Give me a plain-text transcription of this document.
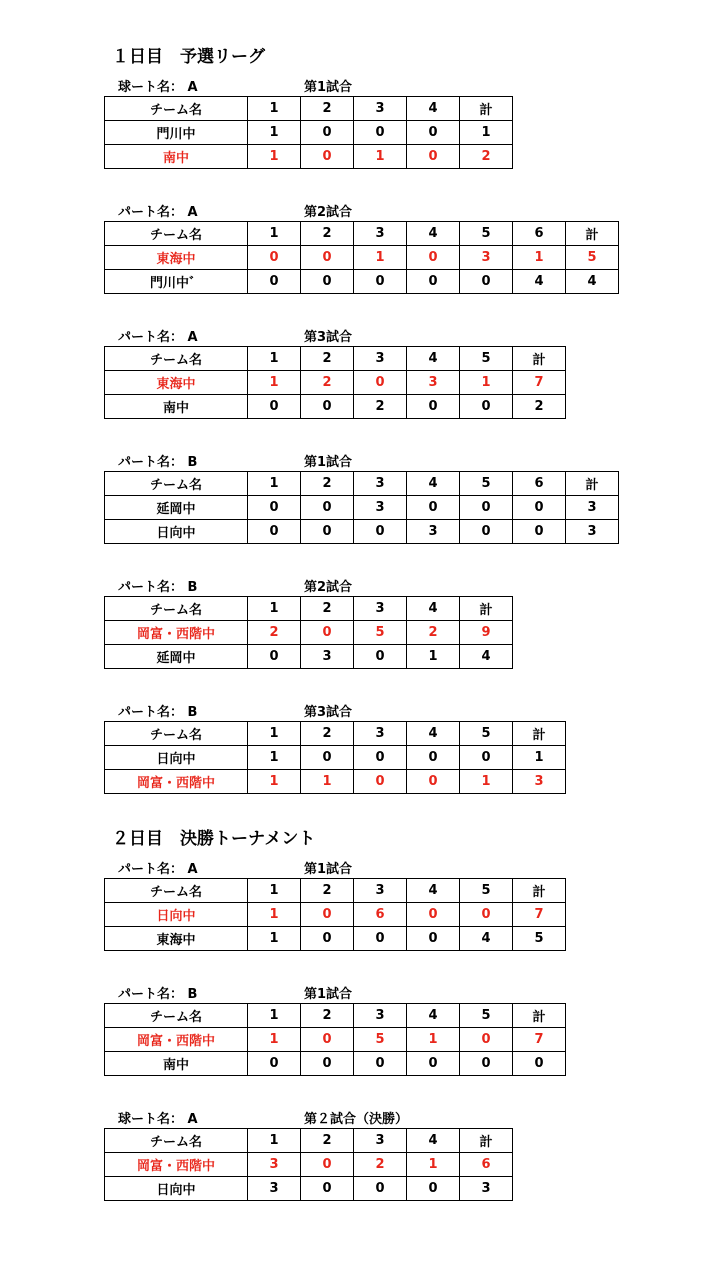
１日目　予選リーグ
２日目　決勝トーナメント
球ート名： A	第1試合
チーム名	1	2	3	4	計
門川中	1	0	0	0	1
南中	1	0	1	0	2
パート名： A	第2試合
チーム名	1	2	3	4	5	6	計
東海中	0	0	1	0	3	1	5
門川中゛	0	0	0	0	0	4	4
パート名： A	第3試合
チーム名	1	2	3	4	5	計
東海中	1	2	0	3	1	7
南中	0	0	2	0	0	2
パート名： B	第1試合
チーム名	1	2	3	4	5	6	計
延岡中	0	0	3	0	0	0	3
日向中	0	0	0	3	0	0	3
パート名： B	第2試合
チーム名	1	2	3	4	計
岡富・西階中	2	0	5	2	9
延岡中	0	3	0	1	4
パート名： B	第3試合
チーム名	1	2	3	4	5	計
日向中	1	0	0	0	0	1
岡富・西階中	1	1	0	0	1	3
パート名： A	第1試合
チーム名	1	2	3	4	5	計
日向中	1	0	6	0	0	7
東海中	1	0	0	0	4	5
パート名： B	第1試合
チーム名	1	2	3	4	5	計
岡富・西階中	1	0	5	1	0	7
南中	0	0	0	0	0	0
球ート名： A	第２試合（決勝）
チーム名	1	2	3	4	計
岡富・西階中	3	0	2	1	6
日向中	3	0	0	0	3
